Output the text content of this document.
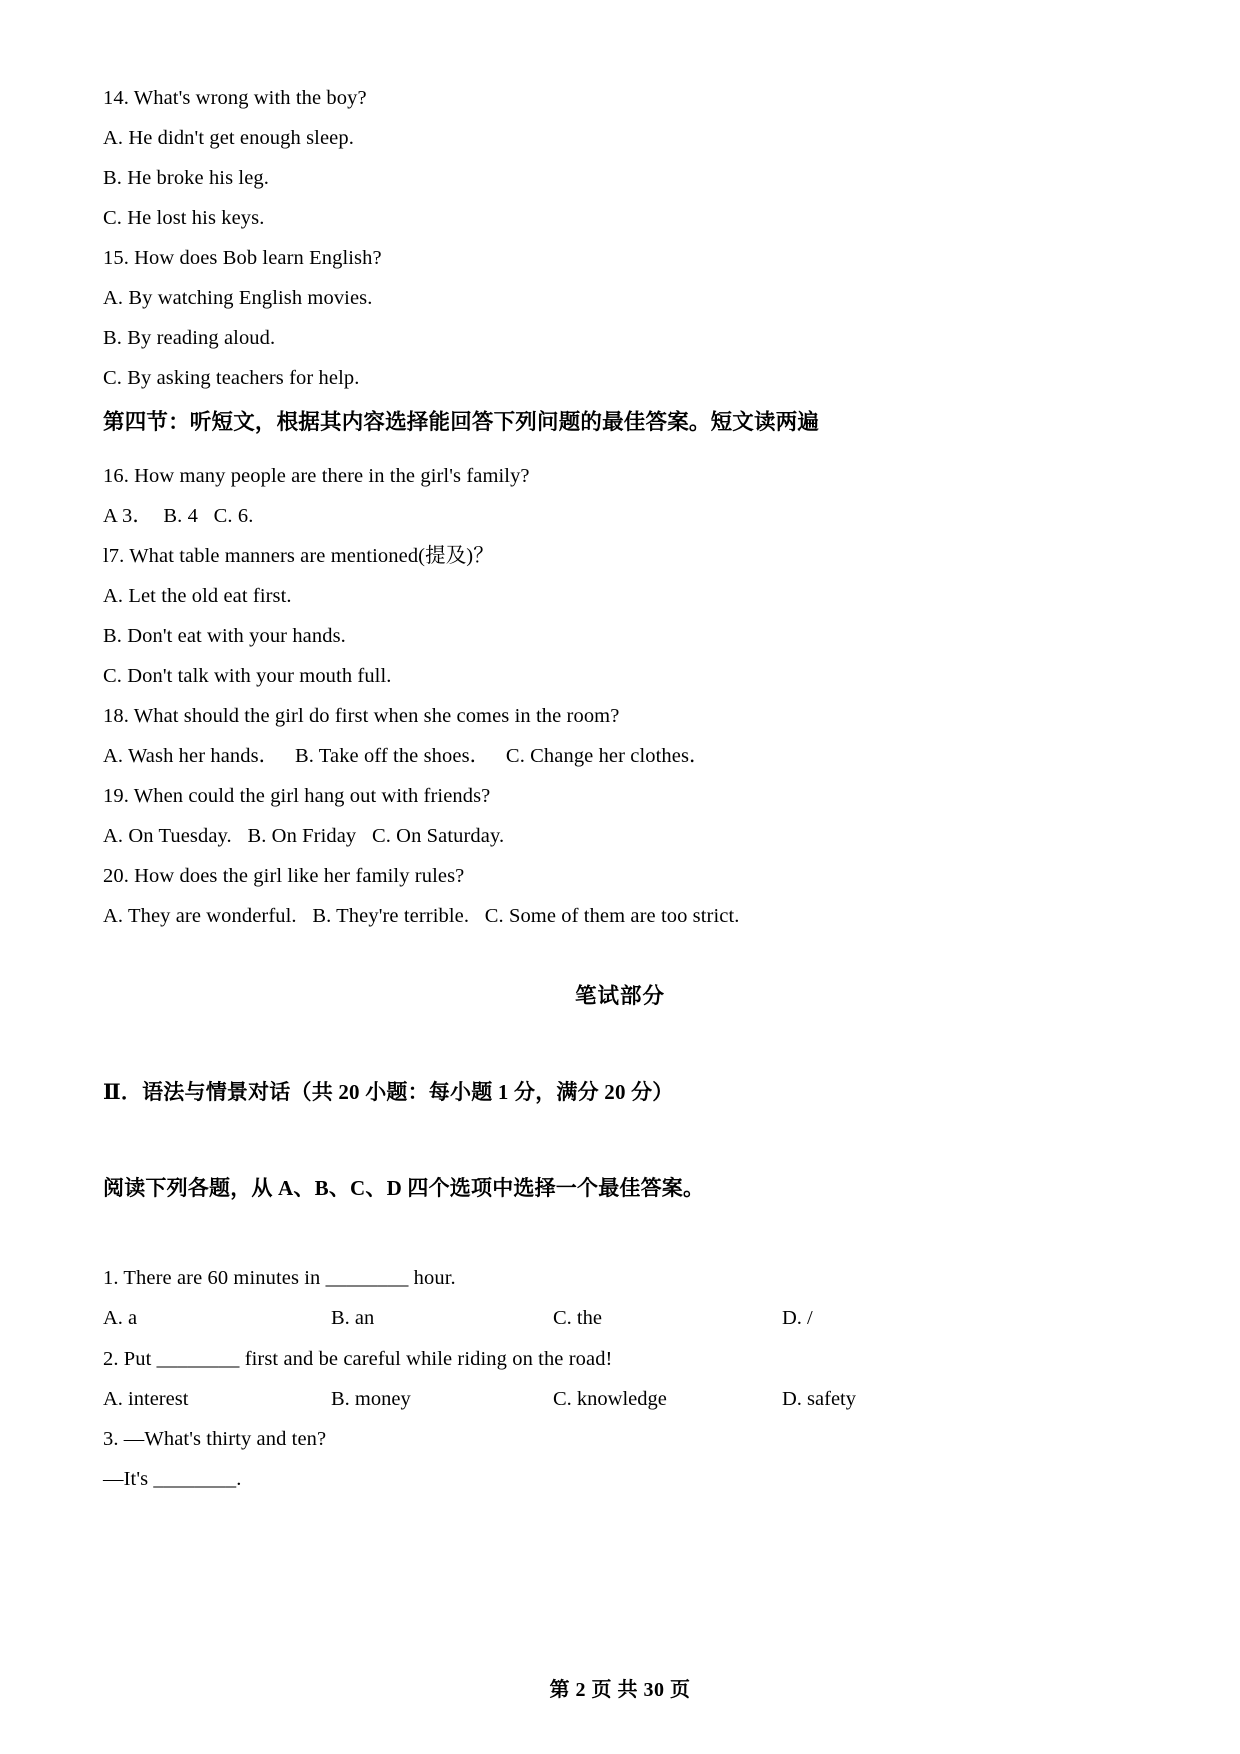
14. What's wrong with the boy?

A. He didn't get enough sleep.

B. He broke his leg.

C. He lost his keys.

15. How does Bob learn English?

A. By watching English movies.

B. By reading aloud.

C. By asking teachers for help.

第四节：听短文，根据其内容选择能回答下列问题的最佳答案。短文读两遍

16. How many people are there in the girl's family?

A 3．  B. 4   C. 6.

l7. What table manners are mentioned(提及)？

A. Let the old eat first.

B. Don't eat with your hands.

C. Don't talk with your mouth full.

18. What should the girl do first when she comes in the room?

A. Wash her hands．   B. Take off the shoes．   C. Change her clothes．

19. When could the girl hang out with friends?

A. On Tuesday.   B. On Friday   C. On Saturday.

20. How does the girl like her family rules?

A. They are wonderful.   B. They're terrible.   C. Some of them are too strict.

笔试部分

Ⅱ．语法与情景对话（共 20 小题：每小题 1 分，满分 20 分）

阅读下列各题，从 A、B、C、D 四个选项中选择一个最佳答案。

1. There are 60 minutes in ________ hour.

A. a	B. an	C. the	D. /

2. Put ________ first and be careful while riding on the road!

A. interest	B. money	C. knowledge	D. safety

3. —What's thirty and ten?

—It's ________.

第 2 页 共 30 页
